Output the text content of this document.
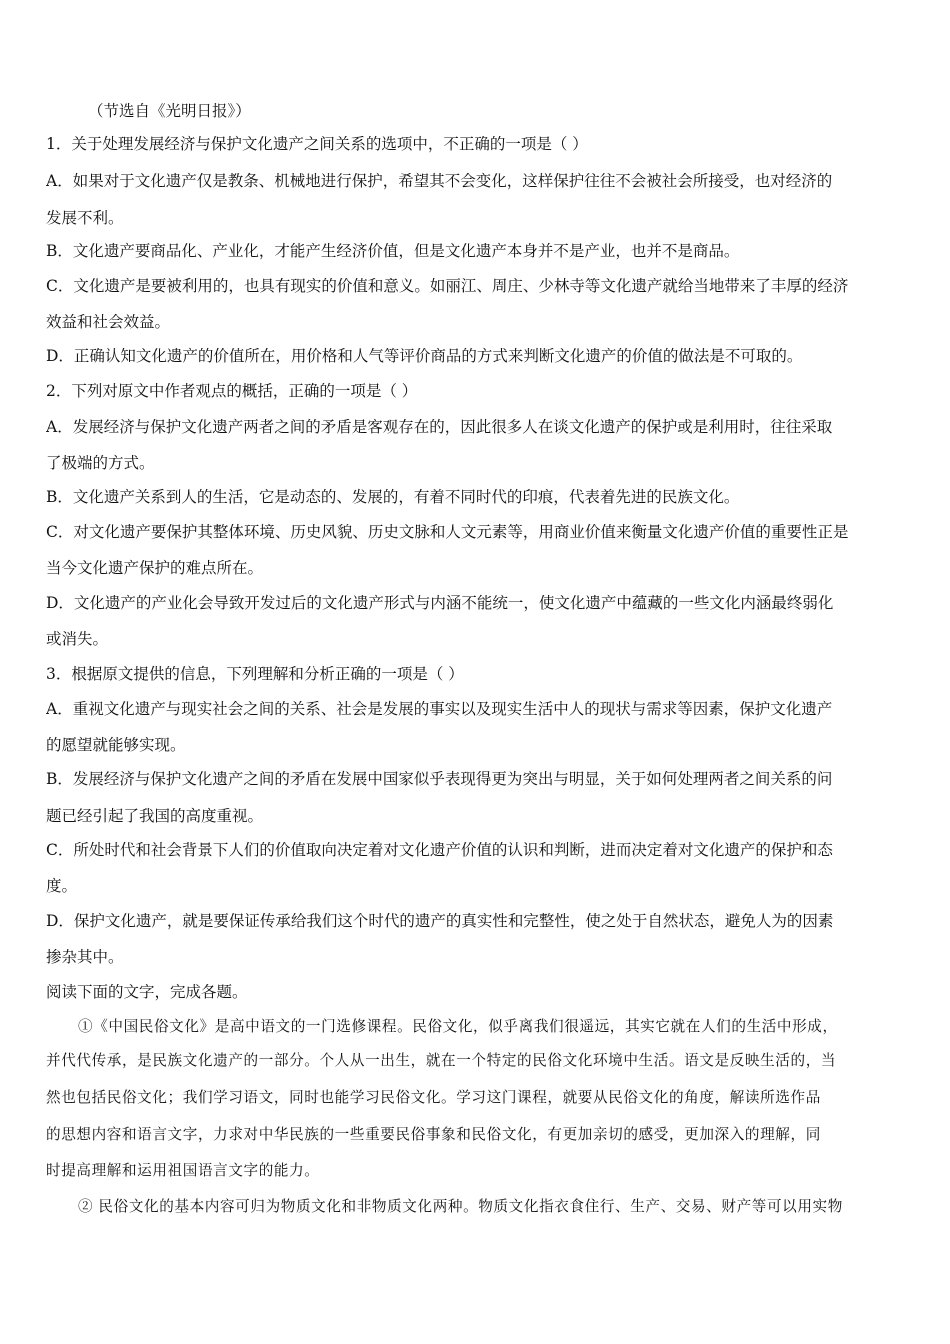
（节选自《光明日报》）
1．关于处理发展经济与保护文化遗产之间关系的选项中，不正确的一项是（ ）
A．如果对于文化遗产仅是教条、机械地进行保护，希望其不会变化，这样保护往往不会被社会所接受，也对经济的
发展不利。
B．文化遗产要商品化、产业化，才能产生经济价值，但是文化遗产本身并不是产业，也并不是商品。
C．文化遗产是要被利用的，也具有现实的价值和意义。如丽江、周庄、少林寺等文化遗产就给当地带来了丰厚的经济
效益和社会效益。
D．正确认知文化遗产的价值所在，用价格和人气等评价商品的方式来判断文化遗产的价值的做法是不可取的。
2．下列对原文中作者观点的概括，正确的一项是（ ）
A．发展经济与保护文化遗产两者之间的矛盾是客观存在的，因此很多人在谈文化遗产的保护或是利用时，往往采取
了极端的方式。
B．文化遗产关系到人的生活，它是动态的、发展的，有着不同时代的印痕，代表着先进的民族文化。
C．对文化遗产要保护其整体环境、历史风貌、历史文脉和人文元素等，用商业价值来衡量文化遗产价值的重要性正是
当今文化遗产保护的难点所在。
D．文化遗产的产业化会导致开发过后的文化遗产形式与内涵不能统一，使文化遗产中蕴藏的一些文化内涵最终弱化
或消失。
3．根据原文提供的信息，下列理解和分析正确的一项是（ ）
A．重视文化遗产与现实社会之间的关系、社会是发展的事实以及现实生活中人的现状与需求等因素，保护文化遗产
的愿望就能够实现。
B．发展经济与保护文化遗产之间的矛盾在发展中国家似乎表现得更为突出与明显，关于如何处理两者之间关系的问
题已经引起了我国的高度重视。
C．所处时代和社会背景下人们的价值取向决定着对文化遗产价值的认识和判断，进而决定着对文化遗产的保护和态
度。
D．保护文化遗产，就是要保证传承给我们这个时代的遗产的真实性和完整性，使之处于自然状态，避免人为的因素
掺杂其中。
阅读下面的文字，完成各题。
①《中国民俗文化》是高中语文的一门选修课程。民俗文化，似乎离我们很遥远，其实它就在人们的生活中形成，
并代代传承，是民族文化遗产的一部分。个人从一出生，就在一个特定的民俗文化环境中生活。语文是反映生活的，当
然也包括民俗文化；我们学习语文，同时也能学习民俗文化。学习这门课程，就要从民俗文化的角度，解读所选作品
的思想内容和语言文字，力求对中华民族的一些重要民俗事象和民俗文化，有更加亲切的感受，更加深入的理解，同
时提高理解和运用祖国语言文字的能力。
② 民俗文化的基本内容可归为物质文化和非物质文化两种。物质文化指衣食住行、生产、交易、财产等可以用实物
